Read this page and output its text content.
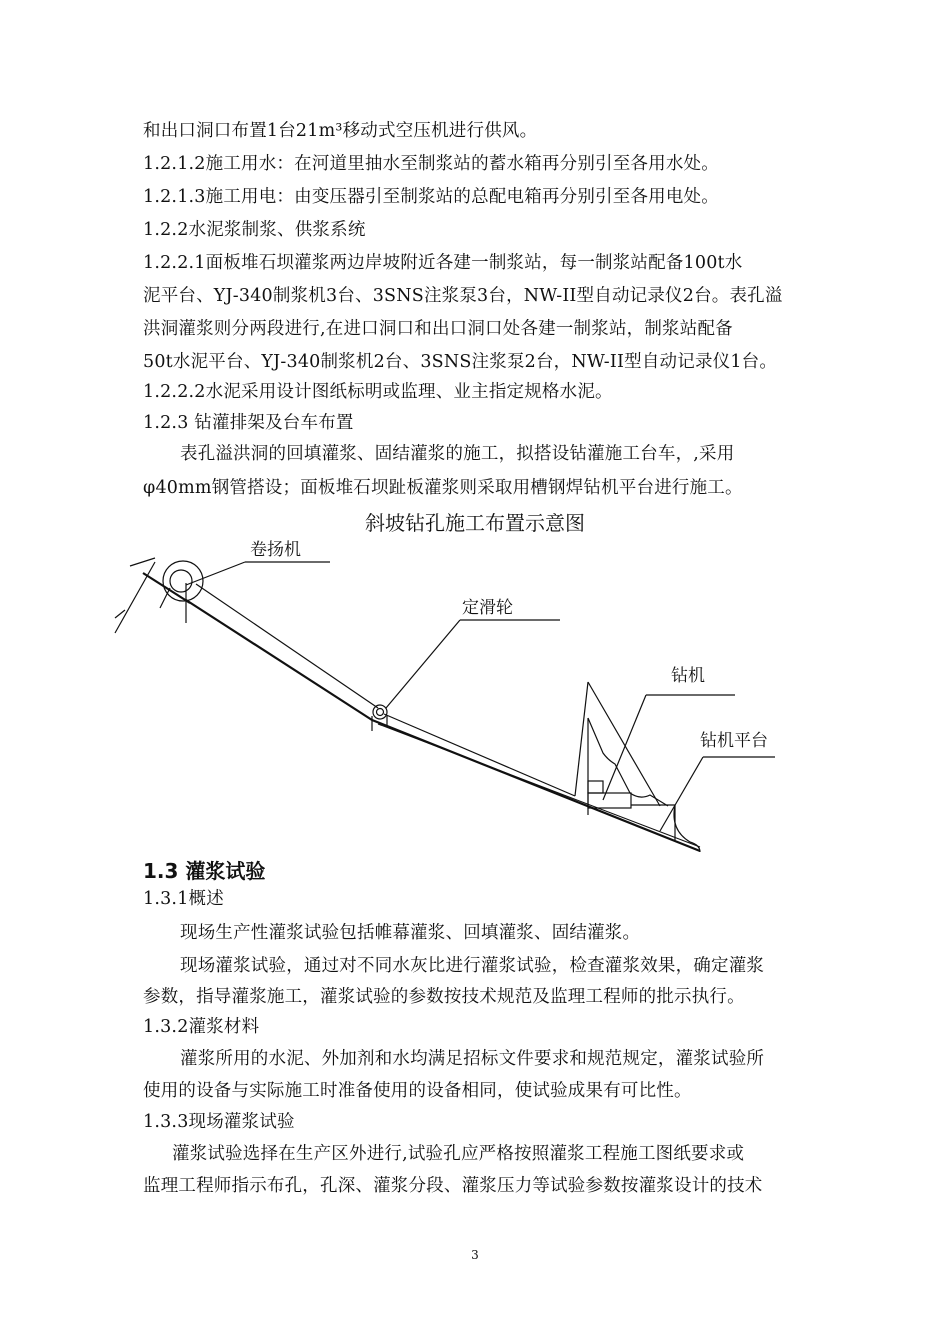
和出口洞口布置1台21m³移动式空压机进行供风。
1.2.1.2施工用水：在河道里抽水至制浆站的蓄水箱再分别引至各用水处。
1.2.1.3施工用电：由变压器引至制浆站的总配电箱再分别引至各用电处。
1.2.2水泥浆制浆、供浆系统
1.2.2.1面板堆石坝灌浆两边岸坡附近各建一制浆站，每一制浆站配备100t水
泥平台、YJ-340制浆机3台、3SNS注浆泵3台，NW-II型自动记录仪2台。表孔溢
洪洞灌浆则分两段进行,在进口洞口和出口洞口处各建一制浆站，制浆站配备
50t水泥平台、YJ-340制浆机2台、3SNS注浆泵2台，NW-II型自动记录仪1台。
1.2.2.2水泥采用设计图纸标明或监理、业主指定规格水泥。
1.2.3 钻灌排架及台车布置
表孔溢洪洞的回填灌浆、固结灌浆的施工，拟搭设钻灌施工台车，,采用
φ40mm钢管搭设；面板堆石坝趾板灌浆则采取用槽钢焊钻机平台进行施工。
斜坡钻孔施工布置示意图
卷扬机
定滑轮
钻机
钻机平台
1.3 灌浆试验
1.3.1概述
现场生产性灌浆试验包括帷幕灌浆、回填灌浆、固结灌浆。
现场灌浆试验，通过对不同水灰比进行灌浆试验，检查灌浆效果，确定灌浆
参数，指导灌浆施工，灌浆试验的参数按技术规范及监理工程师的批示执行。
1.3.2灌浆材料
灌浆所用的水泥、外加剂和水均满足招标文件要求和规范规定，灌浆试验所
使用的设备与实际施工时准备使用的设备相同，使试验成果有可比性。
1.3.3现场灌浆试验
灌浆试验选择在生产区外进行,试验孔应严格按照灌浆工程施工图纸要求或
监理工程师指示布孔，孔深、灌浆分段、灌浆压力等试验参数按灌浆设计的技术
3
